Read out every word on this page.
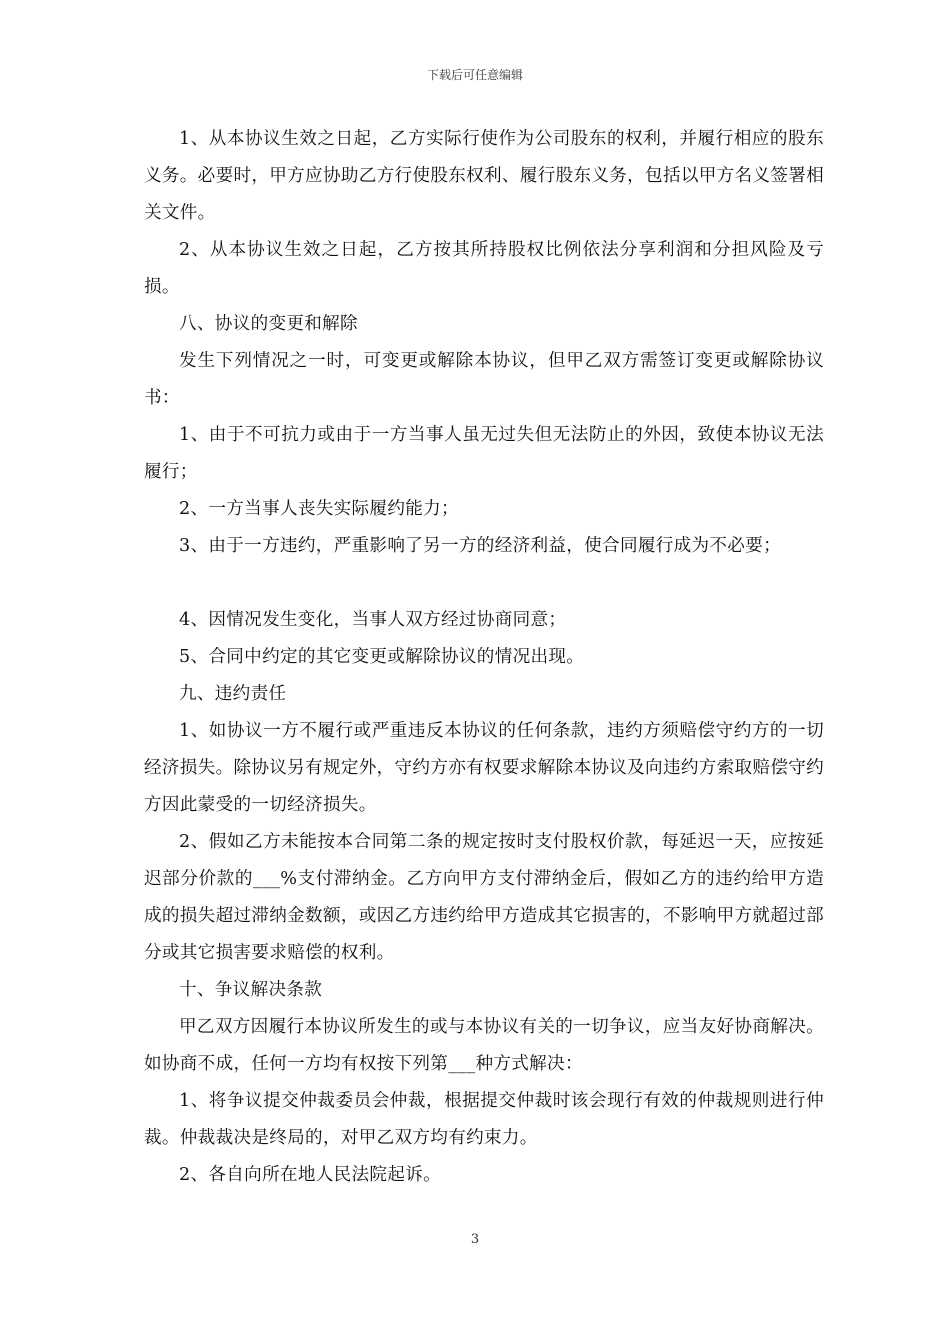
下载后可任意编辑

1、从本协议生效之日起，乙方实际行使作为公司股东的权利，并履行相应的股东义务。必要时，甲方应协助乙方行使股东权利、履行股东义务，包括以甲方名义签署相关文件。

2、从本协议生效之日起，乙方按其所持股权比例依法分享利润和分担风险及亏损。

八、协议的变更和解除

发生下列情况之一时，可变更或解除本协议，但甲乙双方需签订变更或解除协议书：

1、由于不可抗力或由于一方当事人虽无过失但无法防止的外因，致使本协议无法履行；

2、一方当事人丧失实际履约能力；

3、由于一方违约，严重影响了另一方的经济利益，使合同履行成为不必要；

4、因情况发生变化，当事人双方经过协商同意；

5、合同中约定的其它变更或解除协议的情况出现。

九、违约责任

1、如协议一方不履行或严重违反本协议的任何条款，违约方须赔偿守约方的一切经济损失。除协议另有规定外，守约方亦有权要求解除本协议及向违约方索取赔偿守约方因此蒙受的一切经济损失。

2、假如乙方未能按本合同第二条的规定按时支付股权价款，每延迟一天，应按延迟部分价款的___%支付滞纳金。乙方向甲方支付滞纳金后，假如乙方的违约给甲方造成的损失超过滞纳金数额，或因乙方违约给甲方造成其它损害的，不影响甲方就超过部分或其它损害要求赔偿的权利。

十、争议解决条款

甲乙双方因履行本协议所发生的或与本协议有关的一切争议，应当友好协商解决。如协商不成，任何一方均有权按下列第___种方式解决：

1、将争议提交仲裁委员会仲裁，根据提交仲裁时该会现行有效的仲裁规则进行仲裁。仲裁裁决是终局的，对甲乙双方均有约束力。

2、各自向所在地人民法院起诉。

3
